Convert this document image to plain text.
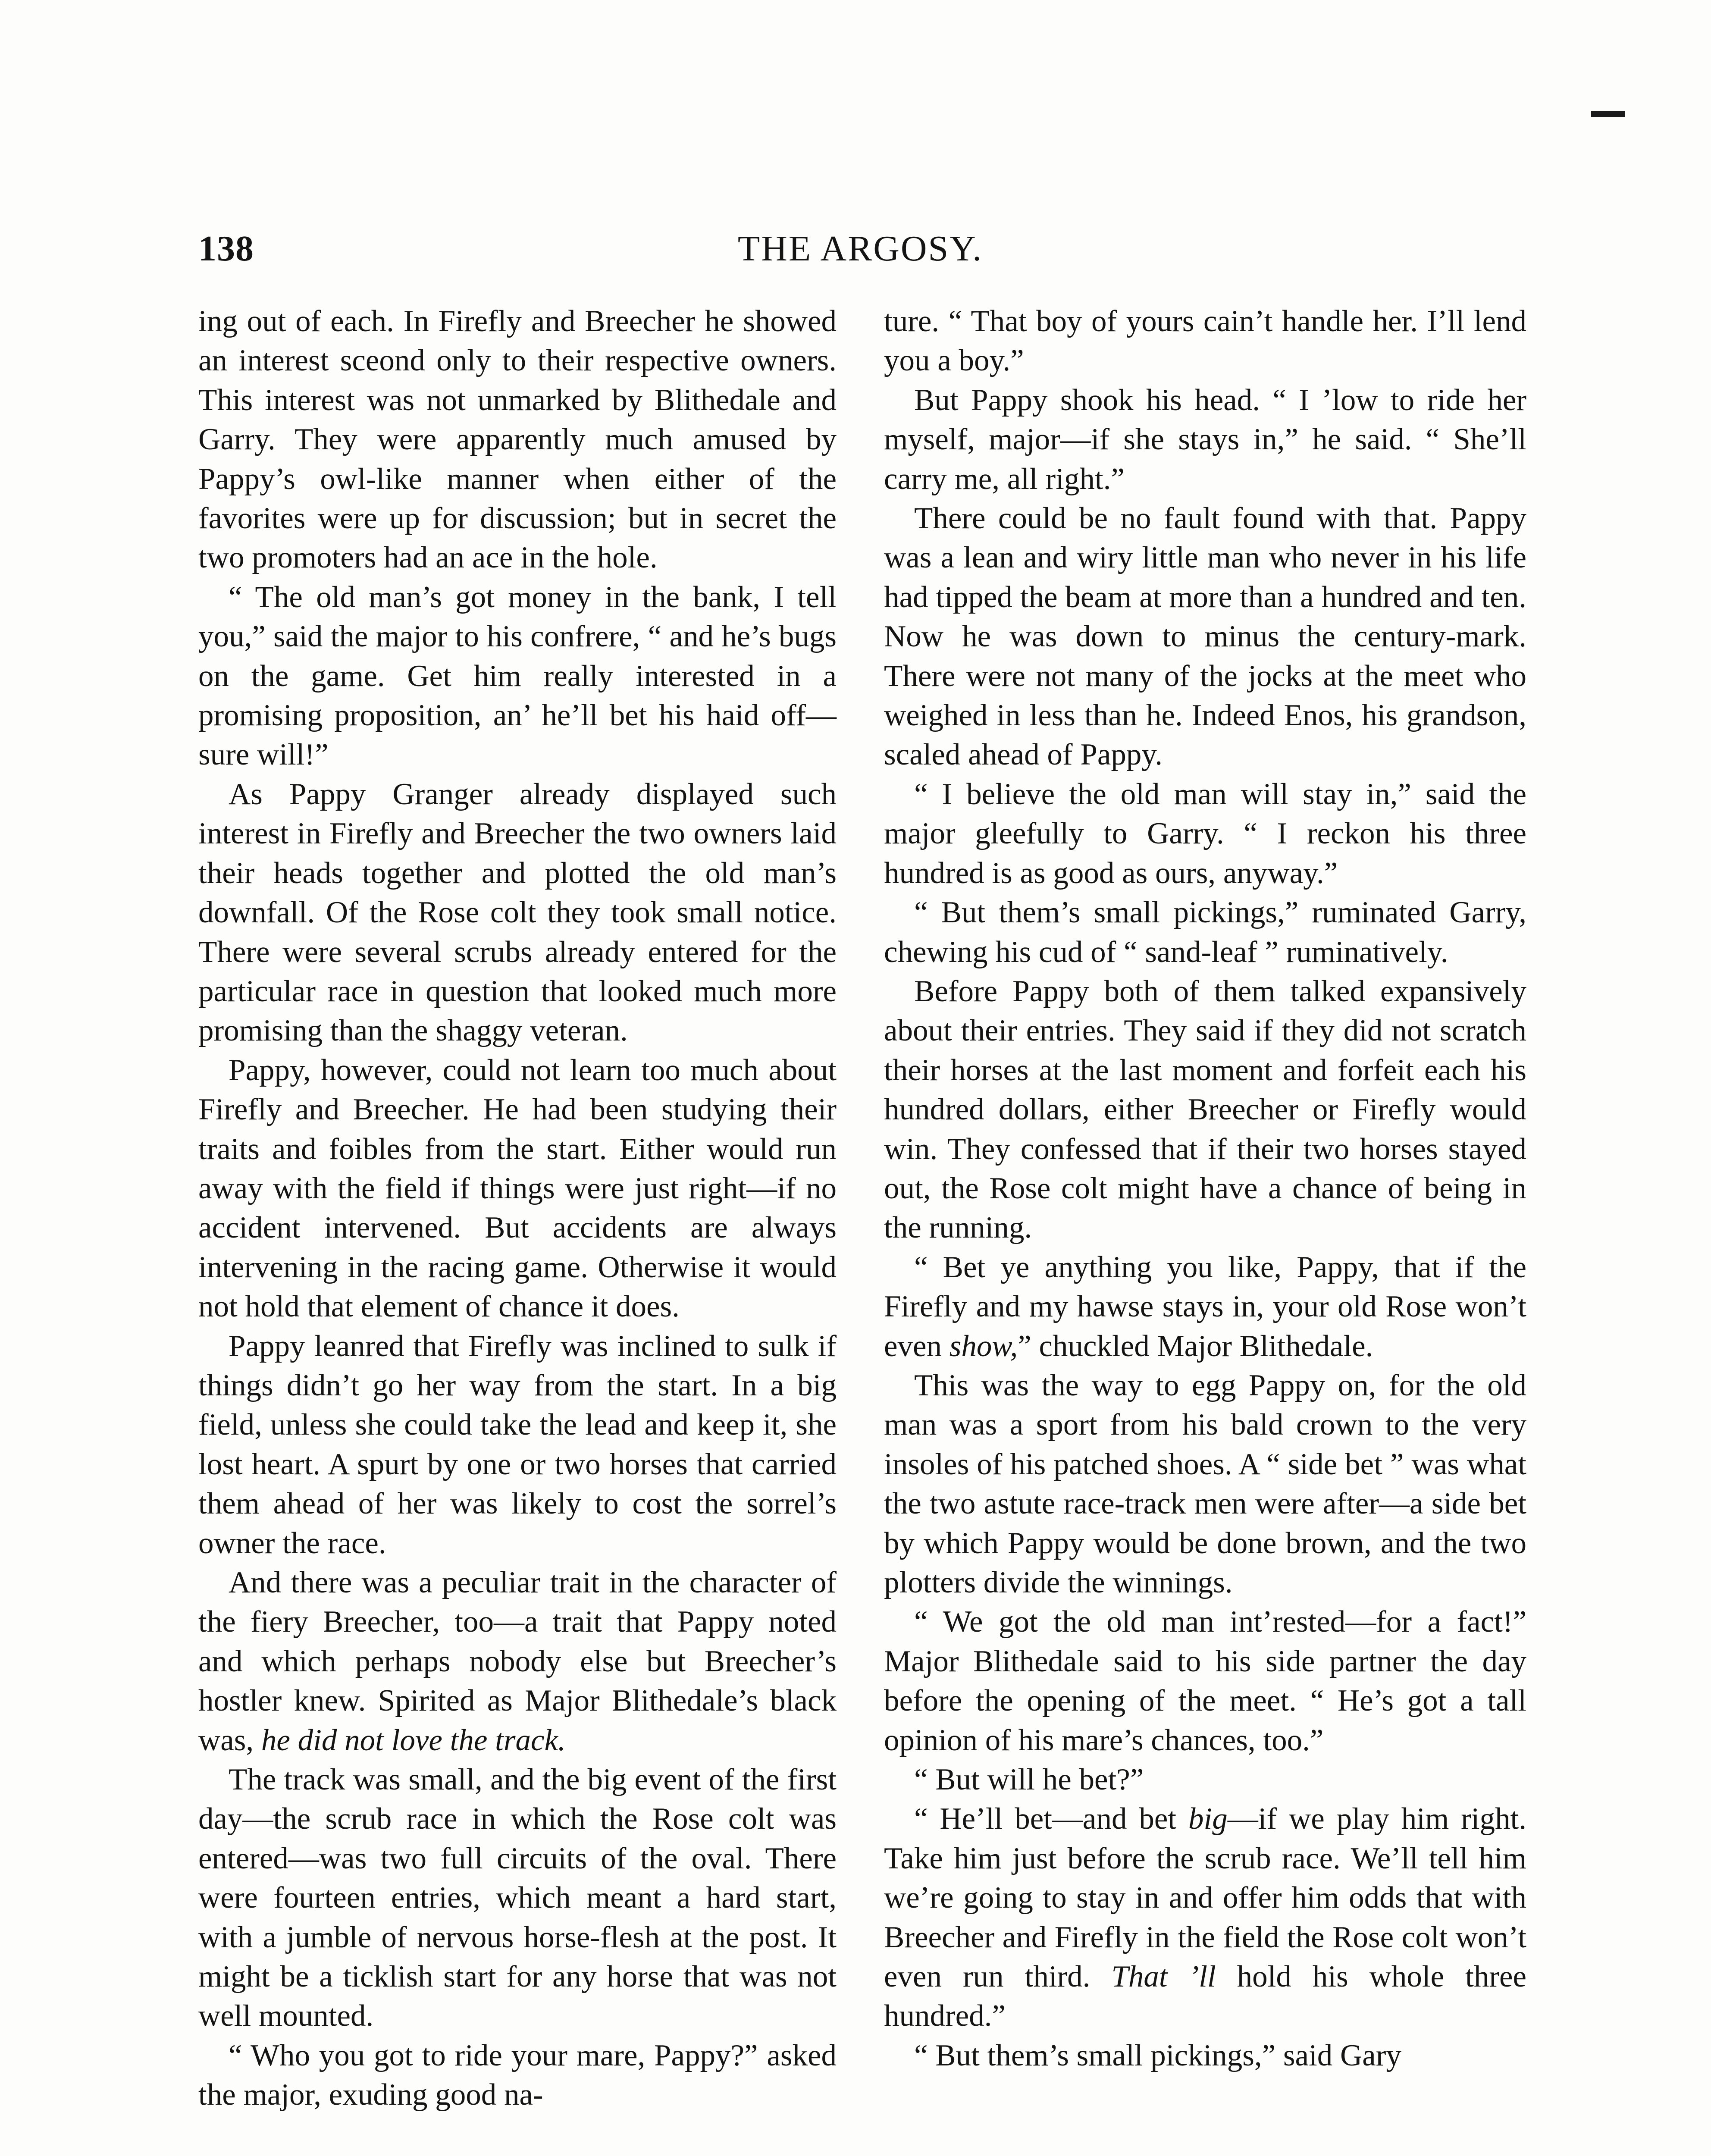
138	THE ARGOSY.

ing out of each. In Firefly and Breecher he showed an interest sceond only to their respective owners. This interest was not unmarked by Blithedale and Garry. They were apparently much amused by Pappy’s owl-like manner when either of the favorites were up for discussion; but in secret the two promoters had an ace in the hole.

“ The old man’s got money in the bank, I tell you,” said the major to his confrere, “ and he’s bugs on the game. Get him really interested in a promising proposition, an’ he’ll bet his haid off—sure will!”

As Pappy Granger already displayed such interest in Firefly and Breecher the two owners laid their heads together and plotted the old man’s downfall. Of the Rose colt they took small notice. There were several scrubs already entered for the particular race in question that looked much more promising than the shaggy veteran.

Pappy, however, could not learn too much about Firefly and Breecher. He had been studying their traits and foibles from the start. Either would run away with the field if things were just right—if no accident intervened. But accidents are always intervening in the racing game. Otherwise it would not hold that element of chance it does.

Pappy leanred that Firefly was inclined to sulk if things didn’t go her way from the start. In a big field, unless she could take the lead and keep it, she lost heart. A spurt by one or two horses that carried them ahead of her was likely to cost the sorrel’s owner the race.

And there was a peculiar trait in the character of the fiery Breecher, too—a trait that Pappy noted and which perhaps nobody else but Breecher’s hostler knew. Spirited as Major Blithedale’s black was, he did not love the track.

The track was small, and the big event of the first day—the scrub race in which the Rose colt was entered—was two full circuits of the oval. There were fourteen entries, which meant a hard start, with a jumble of nervous horse-flesh at the post. It might be a ticklish start for any horse that was not well mounted.

“ Who you got to ride your mare, Pappy?” asked the major, exuding good na-

ture. “ That boy of yours cain’t handle her. I’ll lend you a boy.”

But Pappy shook his head. “ I ’low to ride her myself, major—if she stays in,” he said. “ She’ll carry me, all right.”

There could be no fault found with that. Pappy was a lean and wiry little man who never in his life had tipped the beam at more than a hundred and ten. Now he was down to minus the century-mark. There were not many of the jocks at the meet who weighed in less than he. Indeed Enos, his grandson, scaled ahead of Pappy.

“ I believe the old man will stay in,” said the major gleefully to Garry. “ I reckon his three hundred is as good as ours, anyway.”

“ But them’s small pickings,” ruminated Garry, chewing his cud of “ sand-leaf ” ruminatively.

Before Pappy both of them talked expansively about their entries. They said if they did not scratch their horses at the last moment and forfeit each his hundred dollars, either Breecher or Firefly would win. They confessed that if their two horses stayed out, the Rose colt might have a chance of being in the running.

“ Bet ye anything you like, Pappy, that if the Firefly and my hawse stays in, your old Rose won’t even show,” chuckled Major Blithedale.

This was the way to egg Pappy on, for the old man was a sport from his bald crown to the very insoles of his patched shoes. A “ side bet ” was what the two astute race-track men were after—a side bet by which Pappy would be done brown, and the two plotters divide the winnings.

“ We got the old man int’rested—for a fact!” Major Blithedale said to his side partner the day before the opening of the meet. “ He’s got a tall opinion of his mare’s chances, too.”

“ But will he bet?”

“ He’ll bet—and bet big—if we play him right. Take him just before the scrub race. We’ll tell him we’re going to stay in and offer him odds that with Breecher and Firefly in the field the Rose colt won’t even run third. That ’ll hold his whole three hundred.”

“ But them’s small pickings,” said Gary
